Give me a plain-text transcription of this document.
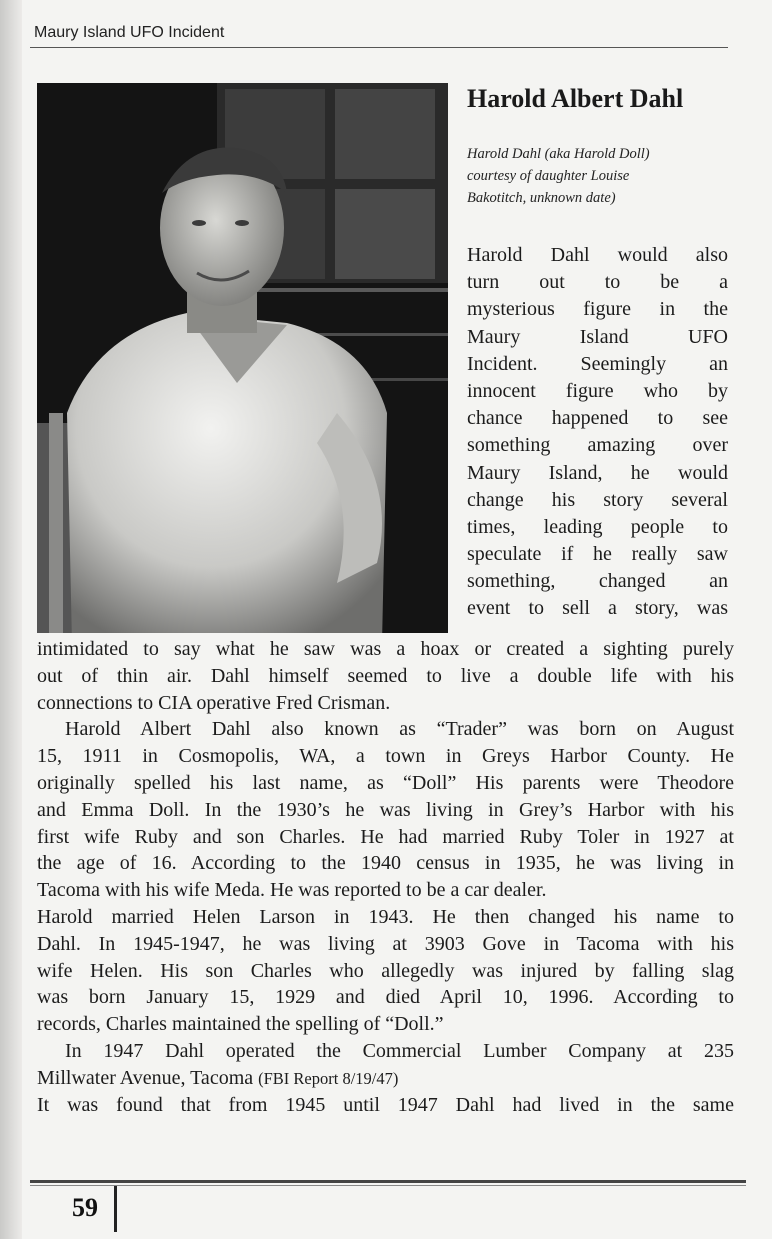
Maury Island UFO Incident
Harold Albert Dahl
Harold Dahl (aka Harold Doll)
courtesy of daughter Louise
Bakotitch, unknown date)
Harold Dahl would also
turn out to be a
mysterious figure in the
Maury Island UFO
Incident. Seemingly an
innocent figure who by
chance happened to see
something amazing over
Maury Island, he would
change his story several
times, leading people to
speculate if he really saw
something, changed an
event to sell a story, was
intimidated to say what he saw was a hoax or created a sighting purely
out of thin air. Dahl himself seemed to live a double life with his
connections to CIA operative Fred Crisman.
Harold Albert Dahl also known as “Trader” was born on August
15, 1911 in Cosmopolis, WA, a town in Greys Harbor County. He
originally spelled his last name, as “Doll” His parents were Theodore
and Emma Doll. In the 1930’s he was living in Grey’s Harbor with his
first wife Ruby and son Charles. He had married Ruby Toler in 1927 at
the age of 16. According to the 1940 census in 1935, he was living in
Tacoma with his wife Meda. He was reported to be a car dealer.
Harold married Helen Larson in 1943. He then changed his name to
Dahl. In 1945-1947, he was living at 3903 Gove in Tacoma with his
wife Helen. His son Charles who allegedly was injured by falling slag
was born January 15, 1929 and died April 10, 1996. According to
records, Charles maintained the spelling of “Doll.”
In 1947 Dahl operated the Commercial Lumber Company at 235
Millwater Avenue, Tacoma (FBI Report 8/19/47)
It was found that from 1945 until 1947 Dahl had lived in the same
59
